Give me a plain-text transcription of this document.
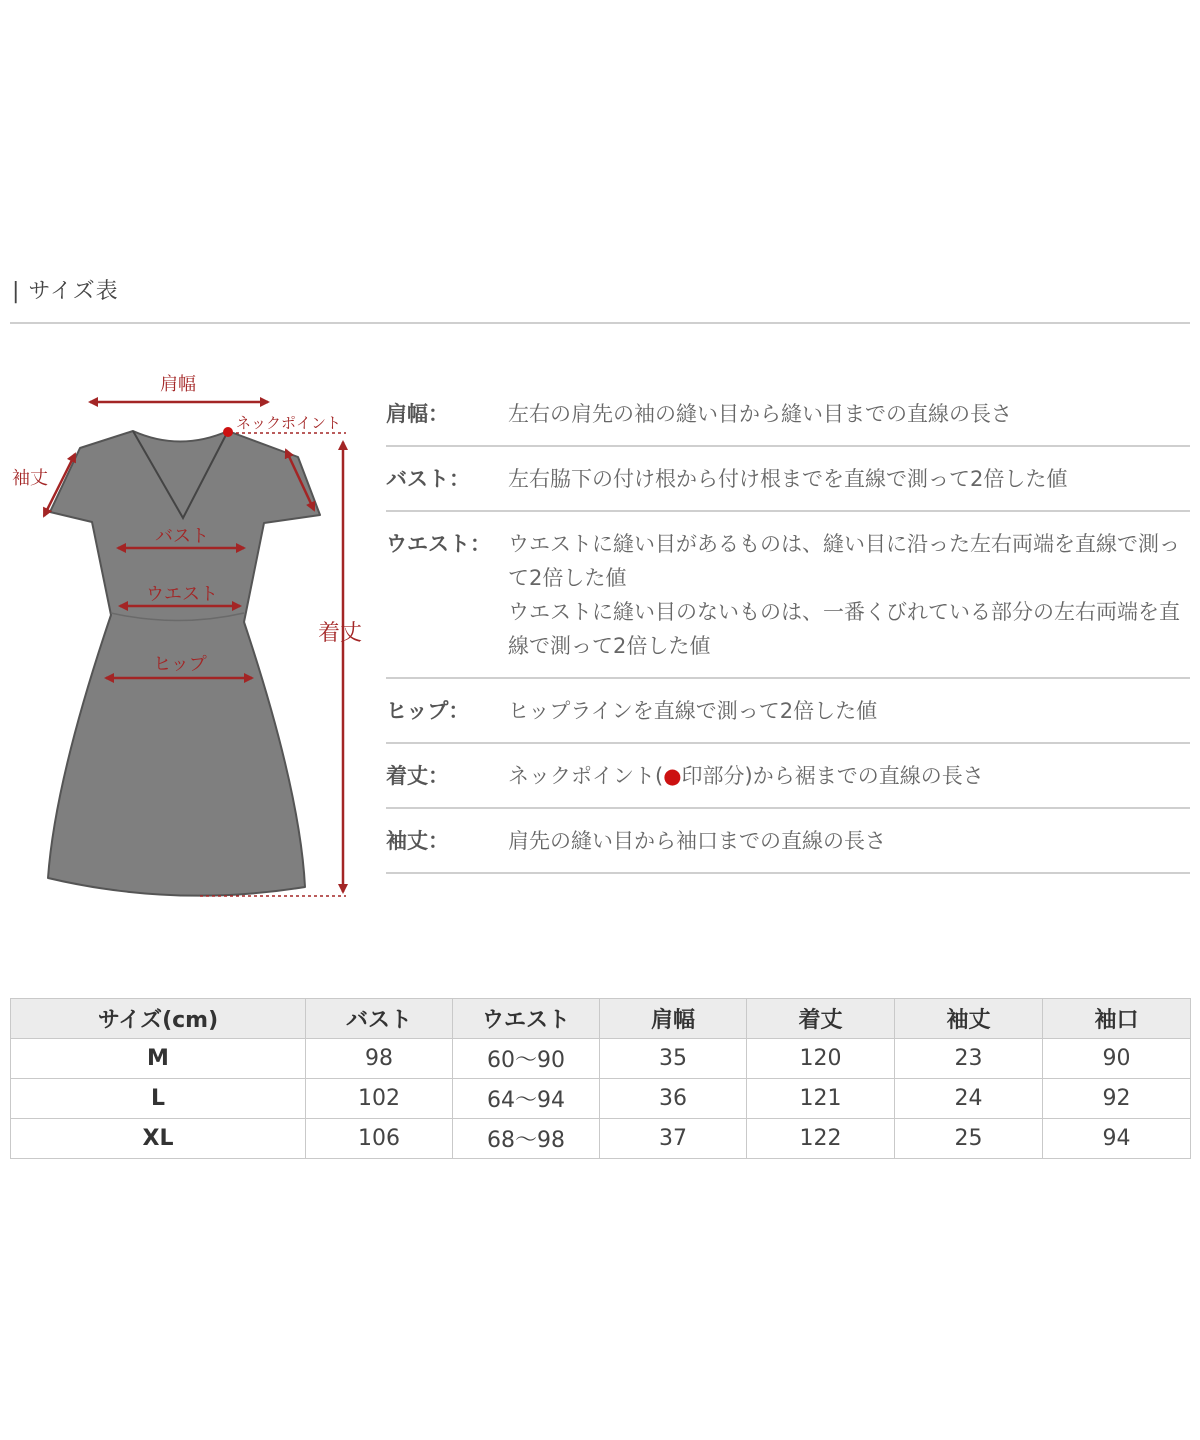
| サイズ表
肩幅
ネックポイント
袖丈
バスト
ウエスト
ヒップ
着丈
肩幅：	左右の肩先の袖の縫い目から縫い目までの直線の長さ
バスト：	左右脇下の付け根から付け根までを直線で測って2倍した値
ウエスト： ウエストに縫い目があるものは、縫い目に沿った左右両端を直線で測って2倍した値
ウエストに縫い目のないものは、一番くびれている部分の左右両端を直線で測って2倍した値
ヒップ：	ヒップラインを直線で測って2倍した値
着丈：	ネックポイント(●印部分)から裾までの直線の長さ
袖丈：	肩先の縫い目から袖口までの直線の長さ
サイズ(cm)	バスト	ウエスト	肩幅	着丈	袖丈	袖口
M	98	60〜90	35	120	23	90
L	102	64〜94	36	121	24	92
XL	106	68〜98	37	122	25	94
